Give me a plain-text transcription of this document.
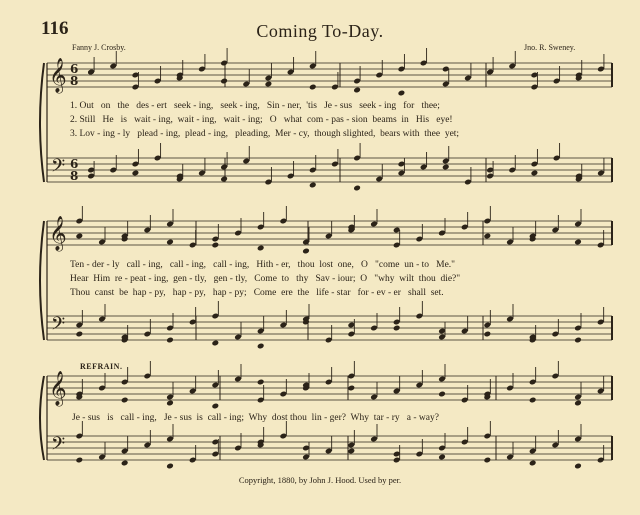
116	Coming To-Day.
Fanny J. Crosby.	Jno. R. Sweney.
𝄞
𝄢
6
8
6
8
𝄞
𝄢
𝄞
𝄢
1. Out   on   the   des - ert   seek - ing,   seek - ing,   Sin - ner,  'tis   Je - sus   seek - ing   for   thee;
2. Still   He   is   wait - ing,  wait - ing,   wait - ing;   O   what  com - pas - sion  beams  in   His   eye!
3. Lov - ing - ly   plead - ing,  plead - ing,   pleading,  Mer - cy,  though slighted,  bears with  thee  yet;
Ten - der - ly   call - ing,   call - ing,   call - ing,   Hith - er,   thou  lost  one,   O   "come  un - to   Me."
Hear  Him  re - peat - ing,  gen - tly,   gen - tly,   Come  to   thy   Sav - iour;  O   "why  wilt  thou  die?"
Thou  canst  be  hap - py,   hap - py,   hap - py;   Come  ere  the   life - star   for - ev - er   shall  set.
REFRAIN.
Je - sus   is   call - ing,   Je - sus  is  call - ing;  Why  dost thou  lin - ger?  Why  tar - ry   a - way?
Copyright, 1880, by John J. Hood. Used by per.
